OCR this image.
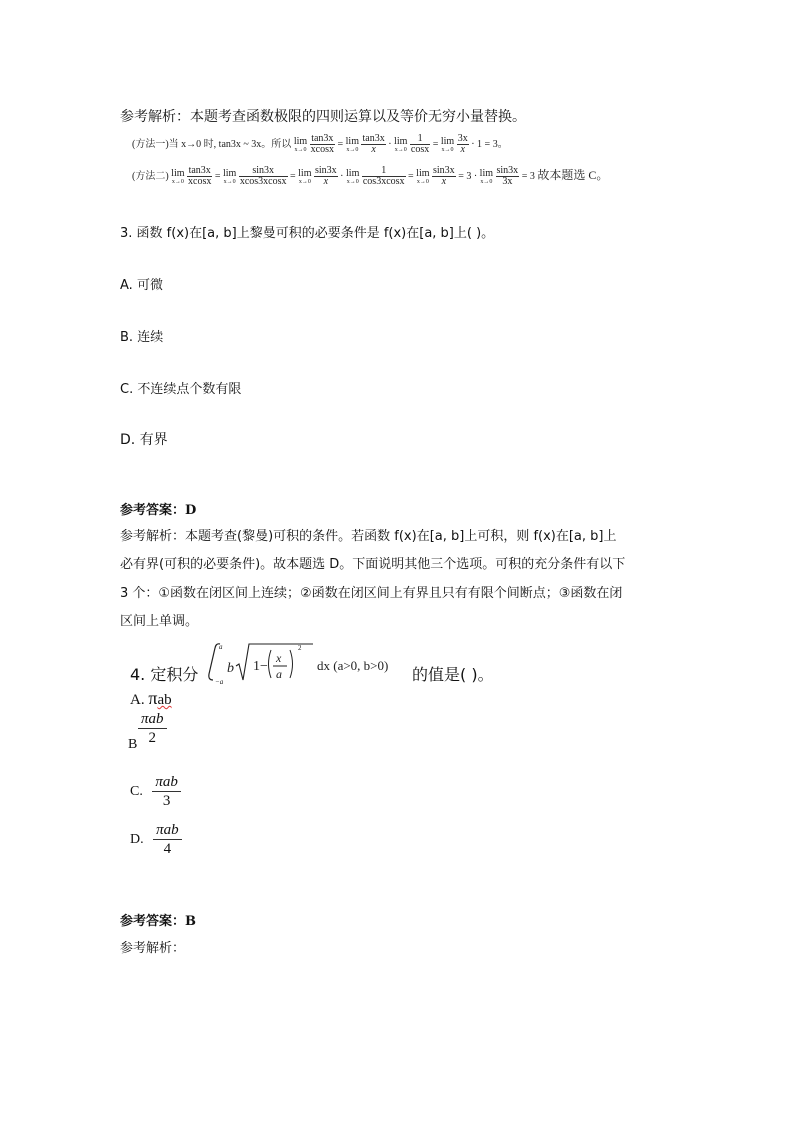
参考解析：本题考查函数极限的四则运算以及等价无穷小量替换。
(方法一)当 x→0 时, tan3x ~ 3x。所以 lim
x→0
$\frac{\tan 3x}{xcosx} = \lim$
x→0
$\frac{\tan 3x}{x} \cdot \lim$
x→0
$\frac{1}{\cos x} = \lim$
x→0
$\frac{3x}{x} \cdot 1 = 3$。
(方法二) lim
x→0
$\frac{\tan 3x}{xcosx} = \lim$
x→0
$\frac{\sin 3x}{xcos3xcosx} = \lim$
x→0
$\frac{\sin 3x}{x} \cdot \lim$
x→0
$\frac{1}{\cos 3xcosx} = \lim$
x→0
$\frac{\sin 3x}{x} = 3 \cdot \lim$
x→0
$\frac{\sin 3x}{3x} = 3$ 故本题选 C。
3. 函数 f(x)在[a, b]上黎曼可积的必要条件是 f(x)在[a, b]上( )。
A. 可微
B. 连续
C. 不连续点个数有限
D. 有界
参考答案：D
参考解析：本题考查(黎曼)可积的条件。若函数 f(x)在[a, b]上可积，则 f(x)在[a, b]上
必有界(可积的必要条件)。故本题选 D。下面说明其他三个选项。可积的充分条件有以下
3 个：①函数在闭区间上连续；②函数在闭区间上有界且只有有限个间断点；③函数在闭
区间上单调。
4. 定积分
a
−a
b 1−
x
a
2
dx (a>0, b>0) 的值是( )。
A. πab
$\frac{\text{πab}}{2}$
B
C. $\frac{\text{πab}}{3}$
D. $\frac{\text{πab}}{4}$
参考答案：B
参考解析：
